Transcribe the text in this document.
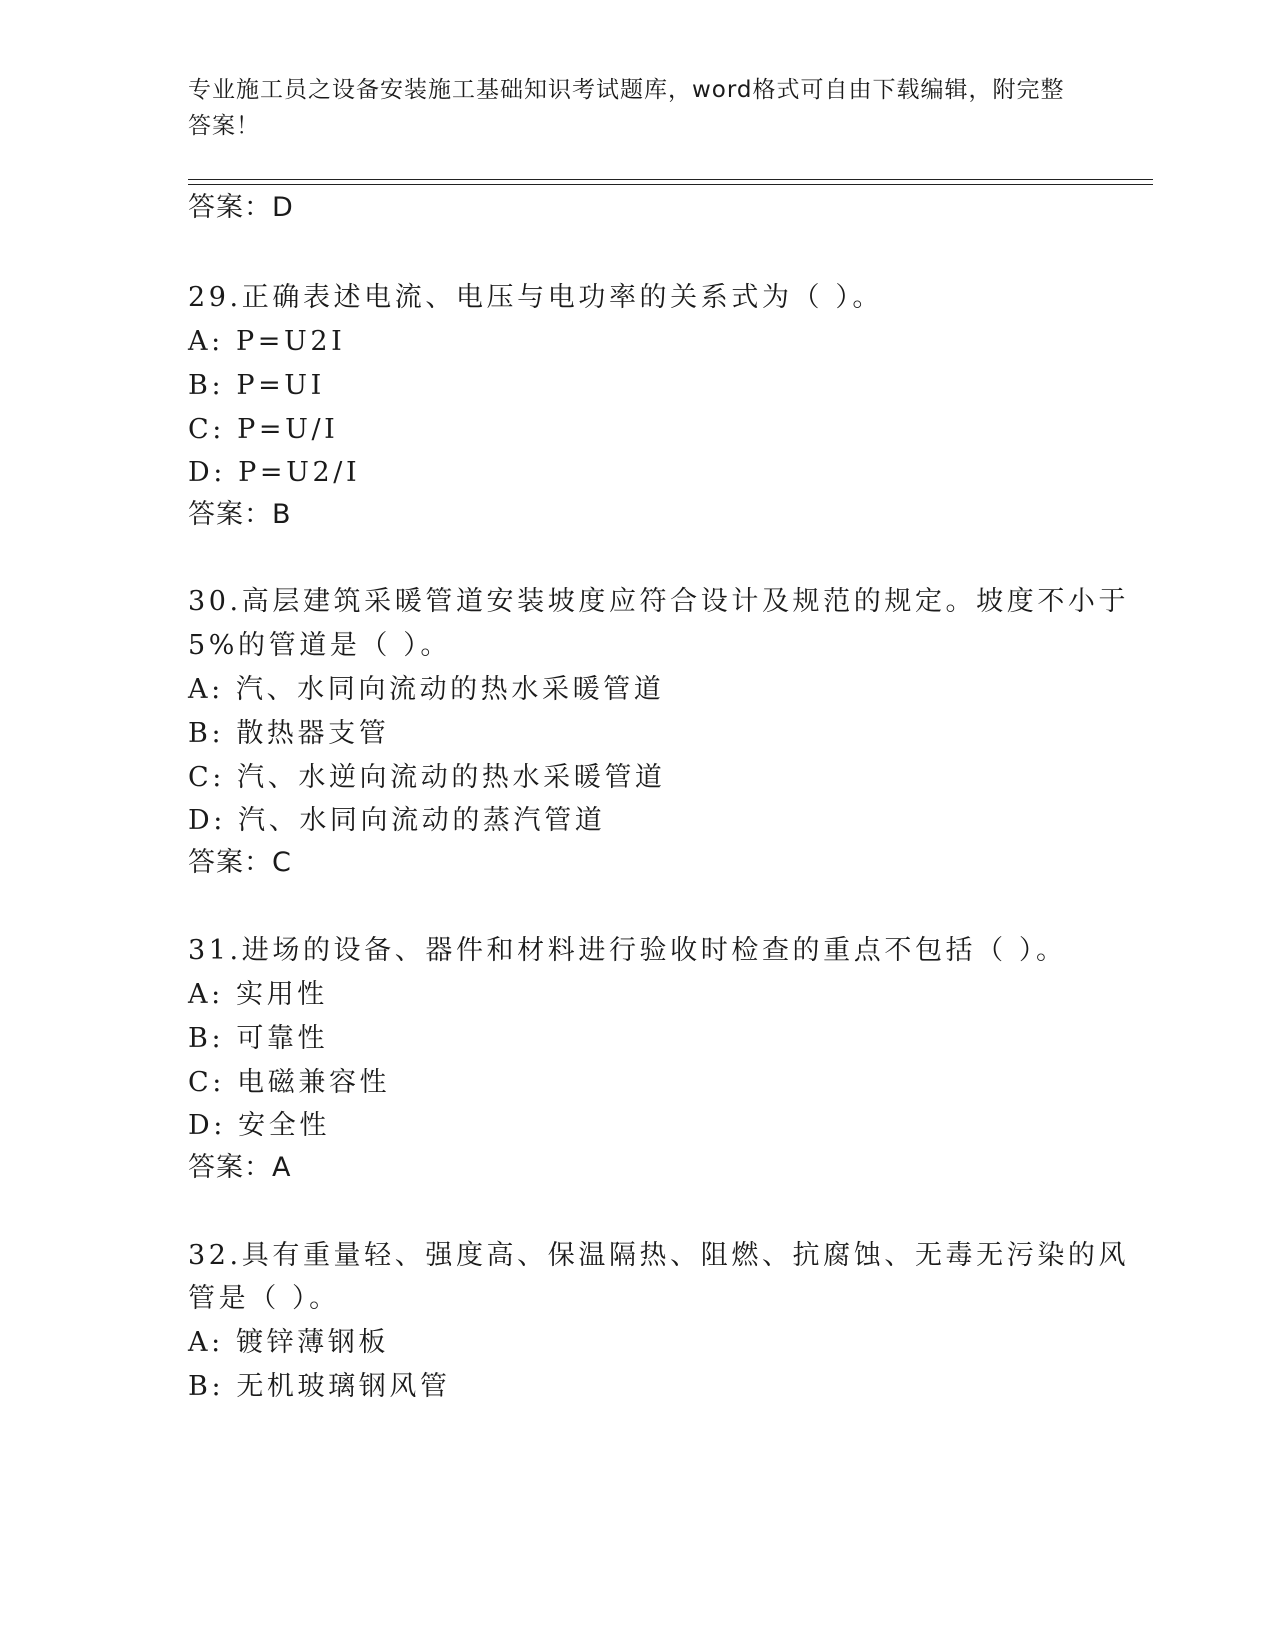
专业施工员之设备安装施工基础知识考试题库，word格式可自由下载编辑，附完整答案！
答案：D
29.正确表述电流、电压与电功率的关系式为（ ）。
A: P=U2I
B: P=UI
C: P=U/I
D: P=U2/I
答案：B
30.高层建筑采暖管道安装坡度应符合设计及规范的规定。坡度不小于
5%的管道是（ ）。
A: 汽、水同向流动的热水采暖管道
B: 散热器支管
C: 汽、水逆向流动的热水采暖管道
D: 汽、水同向流动的蒸汽管道
答案：C
31.进场的设备、器件和材料进行验收时检查的重点不包括（ ）。
A: 实用性
B: 可靠性
C: 电磁兼容性
D: 安全性
答案：A
32.具有重量轻、强度高、保温隔热、阻燃、抗腐蚀、无毒无污染的风
管是（ ）。
A: 镀锌薄钢板
B: 无机玻璃钢风管
